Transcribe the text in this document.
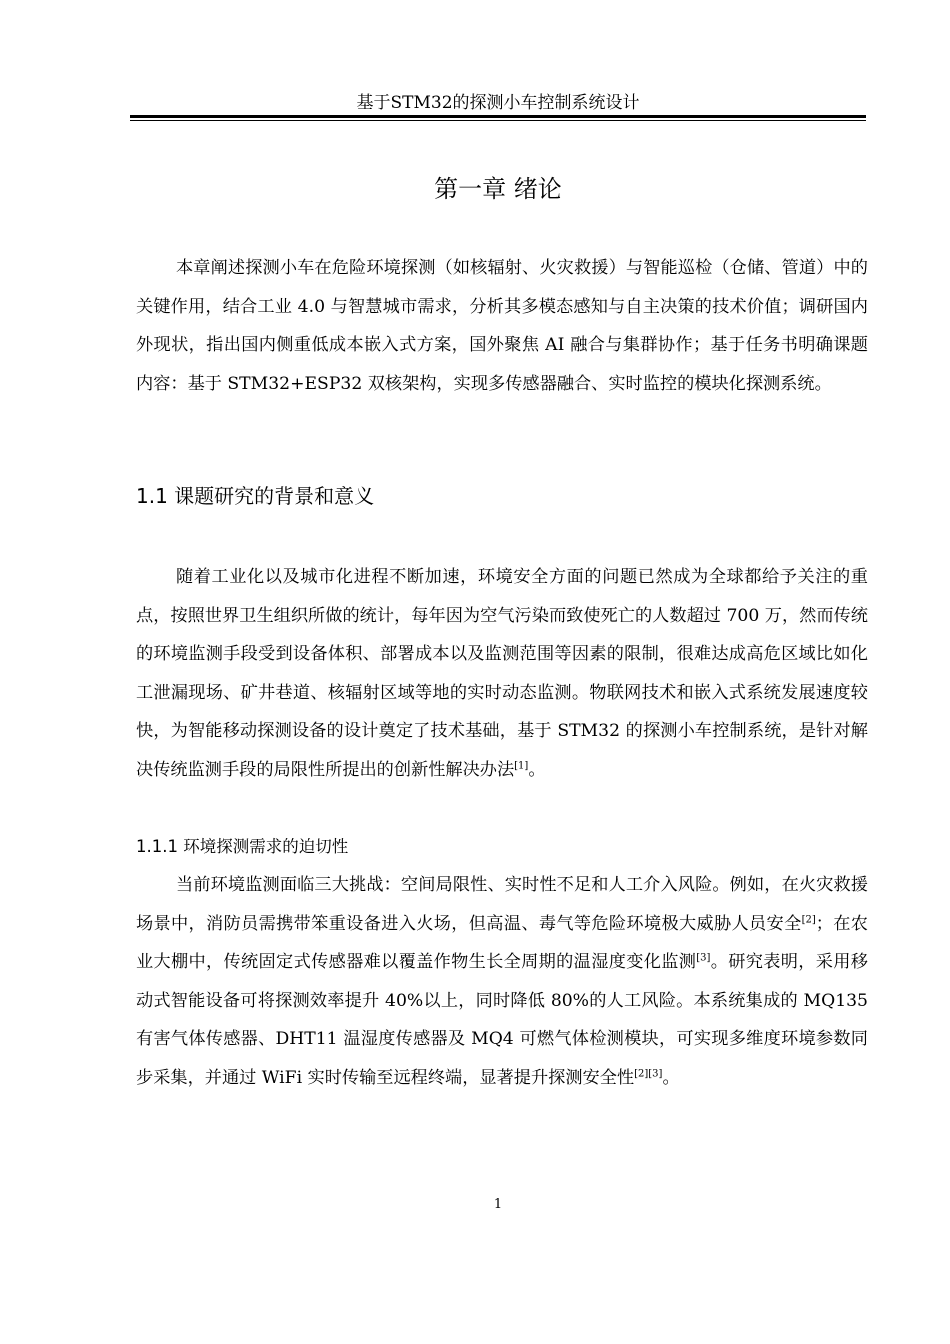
基于STM32的探测小车控制系统设计
第一章 绪论

本章阐述探测小车在危险环境探测（如核辐射、火灾救援）与智能巡检（仓储、管道）中的关键作用，结合工业 4.0 与智慧城市需求，分析其多模态感知与自主决策的技术价值；调研国内外现状，指出国内侧重低成本嵌入式方案，国外聚焦 AI 融合与集群协作；基于任务书明确课题内容：基于 STM32+ESP32 双核架构，实现多传感器融合、实时监控的模块化探测系统。

1.1 课题研究的背景和意义

随着工业化以及城市化进程不断加速，环境安全方面的问题已然成为全球都给予关注的重点，按照世界卫生组织所做的统计，每年因为空气污染而致使死亡的人数超过 700 万，然而传统的环境监测手段受到设备体积、部署成本以及监测范围等因素的限制，很难达成高危区域比如化工泄漏现场、矿井巷道、核辐射区域等地的实时动态监测。物联网技术和嵌入式系统发展速度较快，为智能移动探测设备的设计奠定了技术基础，基于 STM32 的探测小车控制系统，是针对解决传统监测手段的局限性所提出的创新性解决办法[1]。

1.1.1 环境探测需求的迫切性

当前环境监测面临三大挑战：空间局限性、实时性不足和人工介入风险。例如，在火灾救援场景中，消防员需携带笨重设备进入火场，但高温、毒气等危险环境极大威胁人员安全[2]；在农业大棚中，传统固定式传感器难以覆盖作物生长全周期的温湿度变化监测[3]。研究表明，采用移动式智能设备可将探测效率提升 40%以上，同时降低 80%的人工风险。本系统集成的 MQ135 有害气体传感器、DHT11 温湿度传感器及 MQ4 可燃气体检测模块，可实现多维度环境参数同步采集，并通过 WiFi 实时传输至远程终端，显著提升探测安全性[2][3]。

1
